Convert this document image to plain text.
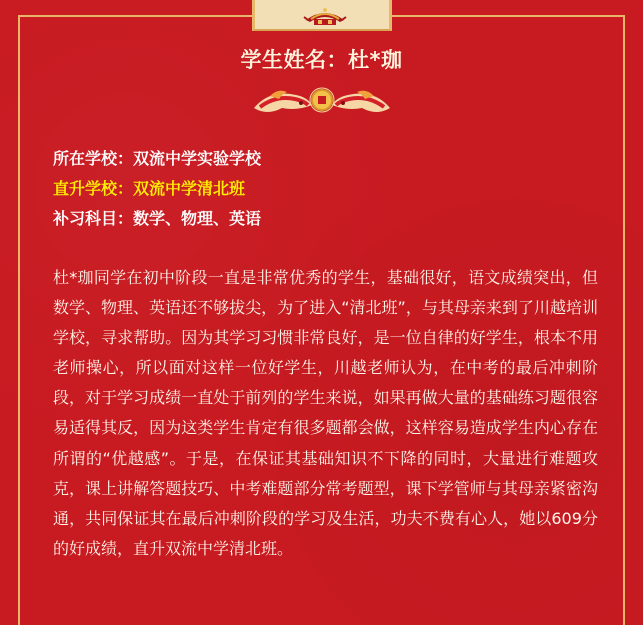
学生姓名：杜*珈
所在学校：双流中学实验学校
直升学校：双流中学清北班
补习科目：数学、物理、英语

杜*珈同学在初中阶段一直是非常优秀的学生，基础很好，语文成绩突出，但数学、物理、英语还不够拔尖，为了进入“清北班”，与其母亲来到了川越培训学校，寻求帮助。因为其学习习惯非常良好，是一位自律的好学生，根本不用老师操心，所以面对这样一位好学生，川越老师认为，在中考的最后冲刺阶段，对于学习成绩一直处于前列的学生来说，如果再做大量的基础练习题很容易适得其反，因为这类学生肯定有很多题都会做，这样容易造成学生内心存在所谓的“优越感”。于是，在保证其基础知识不下降的同时，大量进行难题攻克，课上讲解答题技巧、中考难题部分常考题型，课下学管师与其母亲紧密沟通，共同保证其在最后冲刺阶段的学习及生活，功夫不费有心人，她以609分的好成绩，直升双流中学清北班。
